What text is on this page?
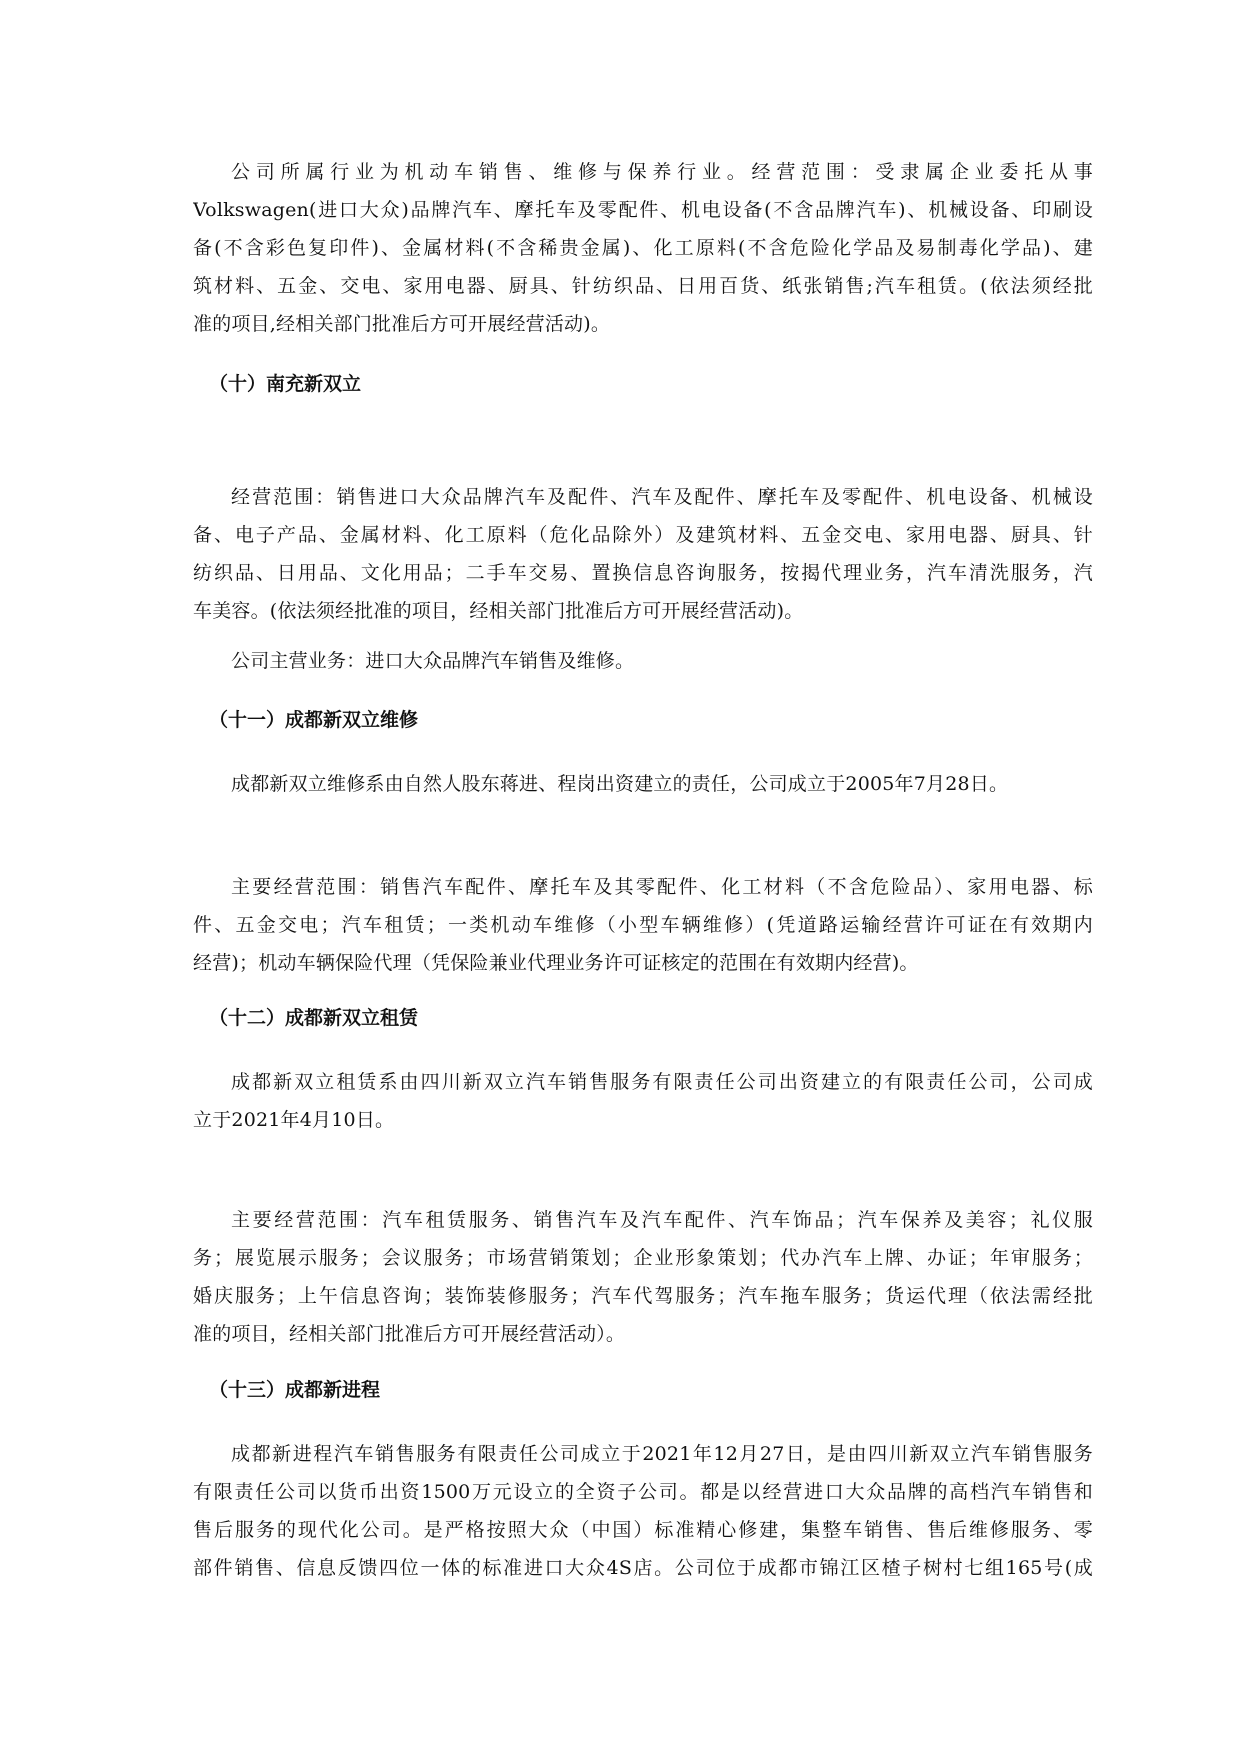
公司所属行业为机动车销售、维修与保养行业。经营范围：受隶属企业委托从事
Volkswagen(进口大众)品牌汽车、摩托车及零配件、机电设备(不含品牌汽车)、机械设备、印刷设
备(不含彩色复印件)、金属材料(不含稀贵金属)、化工原料(不含危险化学品及易制毒化学品)、建
筑材料、五金、交电、家用电器、厨具、针纺织品、日用百货、纸张销售;汽车租赁。(依法须经批
准的项目,经相关部门批准后方可开展经营活动)。
（十）南充新双立
经营范围：销售进口大众品牌汽车及配件、汽车及配件、摩托车及零配件、机电设备、机械设
备、电子产品、金属材料、化工原料（危化品除外）及建筑材料、五金交电、家用电器、厨具、针
纺织品、日用品、文化用品；二手车交易、置换信息咨询服务，按揭代理业务，汽车清洗服务，汽
车美容。(依法须经批准的项目，经相关部门批准后方可开展经营活动)。
公司主营业务：进口大众品牌汽车销售及维修。
（十一）成都新双立维修
成都新双立维修系由自然人股东蒋进、程岗出资建立的责任，公司成立于2005年7月28日。
主要经营范围：销售汽车配件、摩托车及其零配件、化工材料（不含危险品）、家用电器、标
件、五金交电；汽车租赁；一类机动车维修（小型车辆维修）(凭道路运输经营许可证在有效期内
经营)；机动车辆保险代理（凭保险兼业代理业务许可证核定的范围在有效期内经营)。
（十二）成都新双立租赁
成都新双立租赁系由四川新双立汽车销售服务有限责任公司出资建立的有限责任公司，公司成
立于2021年4月10日。
主要经营范围：汽车租赁服务、销售汽车及汽车配件、汽车饰品；汽车保养及美容；礼仪服
务；展览展示服务；会议服务；市场营销策划；企业形象策划；代办汽车上牌、办证；年审服务；
婚庆服务；上午信息咨询；装饰装修服务；汽车代驾服务；汽车拖车服务；货运代理（依法需经批
准的项目，经相关部门批准后方可开展经营活动）。
（十三）成都新进程
成都新进程汽车销售服务有限责任公司成立于2021年12月27日，是由四川新双立汽车销售服务
有限责任公司以货币出资1500万元设立的全资子公司。都是以经营进口大众品牌的高档汽车销售和
售后服务的现代化公司。是严格按照大众（中国）标准精心修建，集整车销售、售后维修服务、零
部件销售、信息反馈四位一体的标准进口大众4S店。公司位于成都市锦江区楂子树村七组165号(成
